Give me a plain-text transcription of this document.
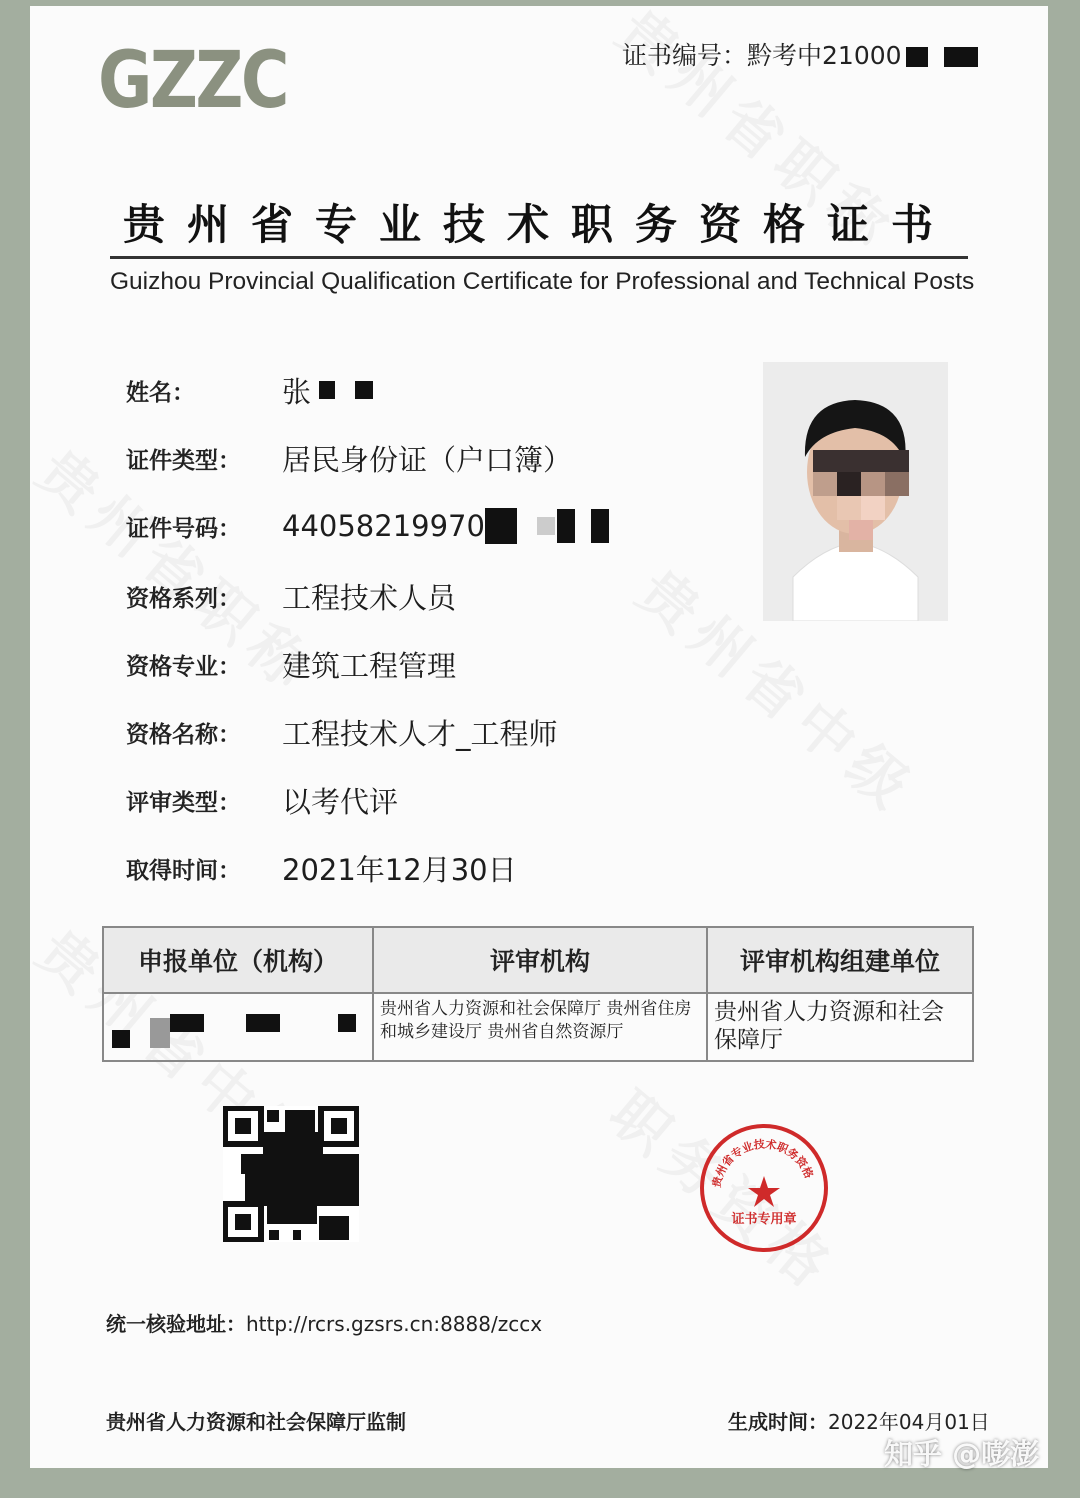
GZZC	证书编号：黔考中21000
贵州省专业技术职务资格证书
Guizhou Provincial Qualification Certificate for Professional and Technical Posts
姓名：	张
证件类型：	居民身份证（户口簿）
证件号码：	44058219970
资格系列：	工程技术人员
资格专业：	建筑工程管理
资格名称：	工程技术人才_工程师
评审类型：	以考代评
取得时间：	2021年12月30日
申报单位（机构）	评审机构	评审机构组建单位

	贵州省人力资源和社会保障厅 贵州省住房和城乡建设厅 贵州省自然资源厅	贵州省人力资源和社会保障厅
贵州省专业技术职务资格
证书专用章
统一核验地址：http://rcrs.gzsrs.cn:8888/zccx
贵州省人力资源和社会保障厅监制	生成时间：2022年04月01日
知乎 @嘭澎
